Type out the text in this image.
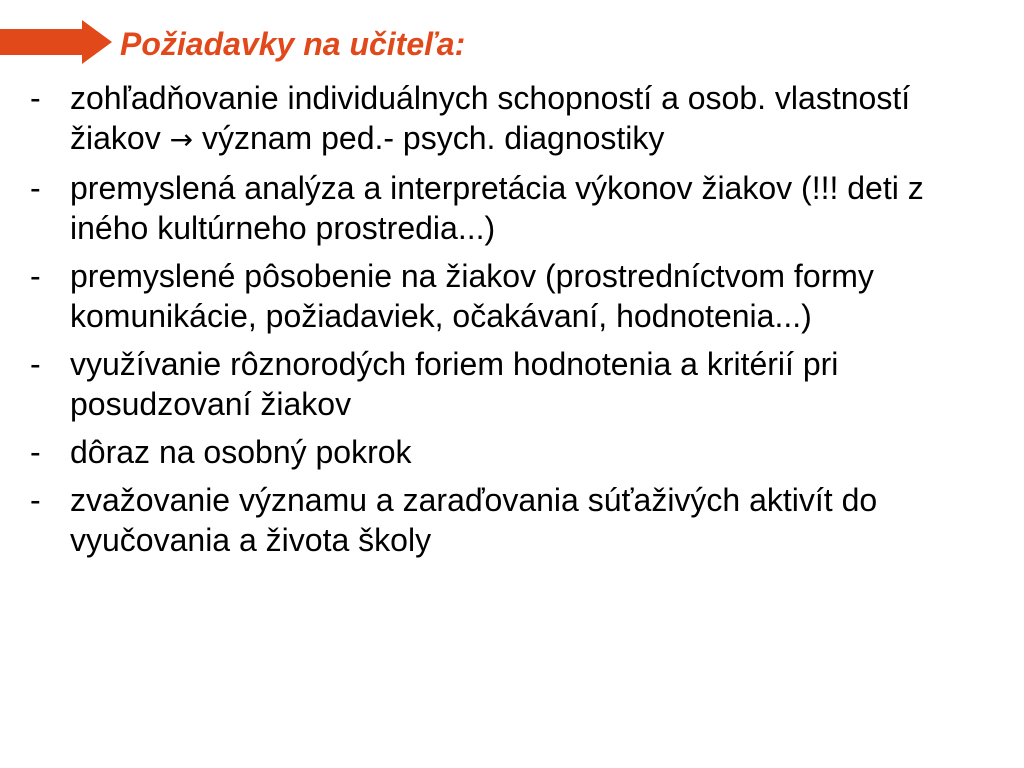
Požiadavky na učiteľa:
- zohľadňovanie individuálnych schopností a osob. vlastností žiakov → význam ped.- psych. diagnostiky
- premyslená analýza a interpretácia výkonov žiakov (!!! deti z iného kultúrneho prostredia...)
- premyslené pôsobenie na žiakov (prostredníctvom formy komunikácie, požiadaviek, očakávaní, hodnotenia...)
- využívanie rôznorodých foriem hodnotenia a kritérií pri posudzovaní žiakov
- dôraz na osobný pokrok
- zvažovanie významu a zaraďovania súťaživých aktivít do vyučovania a života školy
